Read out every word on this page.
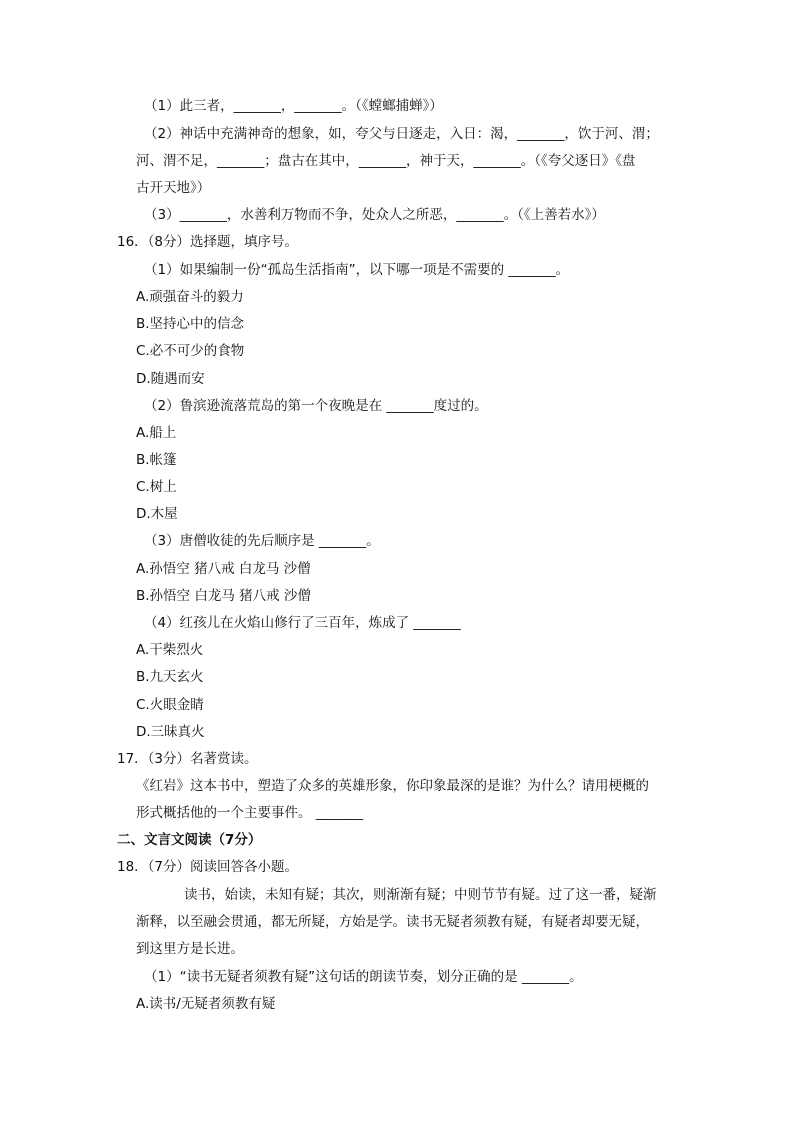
（1）此三者，_______，_______。（《螳螂捕蝉》）
（2）神话中充满神奇的想象，如，夸父与日逐走，入日：渴，_______，饮于河、渭；
河、渭不足，_______；盘古在其中，_______，神于天，_______。（《夸父逐日》《盘
古开天地》）
（3）_______，水善利万物而不争，处众人之所恶，_______。（《上善若水》）
16．（8分）选择题，填序号。
（1）如果编制一份“孤岛生活指南”，以下哪一项是不需要的 _______。
A.顽强奋斗的毅力
B.坚持心中的信念
C.必不可少的食物
D.随遇而安
（2）鲁滨逊流落荒岛的第一个夜晚是在 _______度过的。
A.船上
B.帐篷
C.树上
D.木屋
（3）唐僧收徒的先后顺序是 _______。
A.孙悟空 猪八戒 白龙马 沙僧
B.孙悟空 白龙马 猪八戒 沙僧
（4）红孩儿在火焰山修行了三百年，炼成了 _______
A.干柴烈火
B.九天玄火
C.火眼金睛
D.三昧真火
17．（3分）名著赏读。
《红岩》这本书中，塑造了众多的英雄形象，你印象最深的是谁？为什么？请用梗概的
形式概括他的一个主要事件。 _______
二、文言文阅读（7分）
18．（7分）阅读回答各小题。
读书，始读，未知有疑；其次，则渐渐有疑；中则节节有疑。过了这一番，疑渐
渐释，以至融会贯通，都无所疑，方始是学。读书无疑者须教有疑，有疑者却要无疑，
到这里方是长进。
（1）“读书无疑者须教有疑”这句话的朗读节奏，划分正确的是 _______。
A.读书/无疑者须教有疑
